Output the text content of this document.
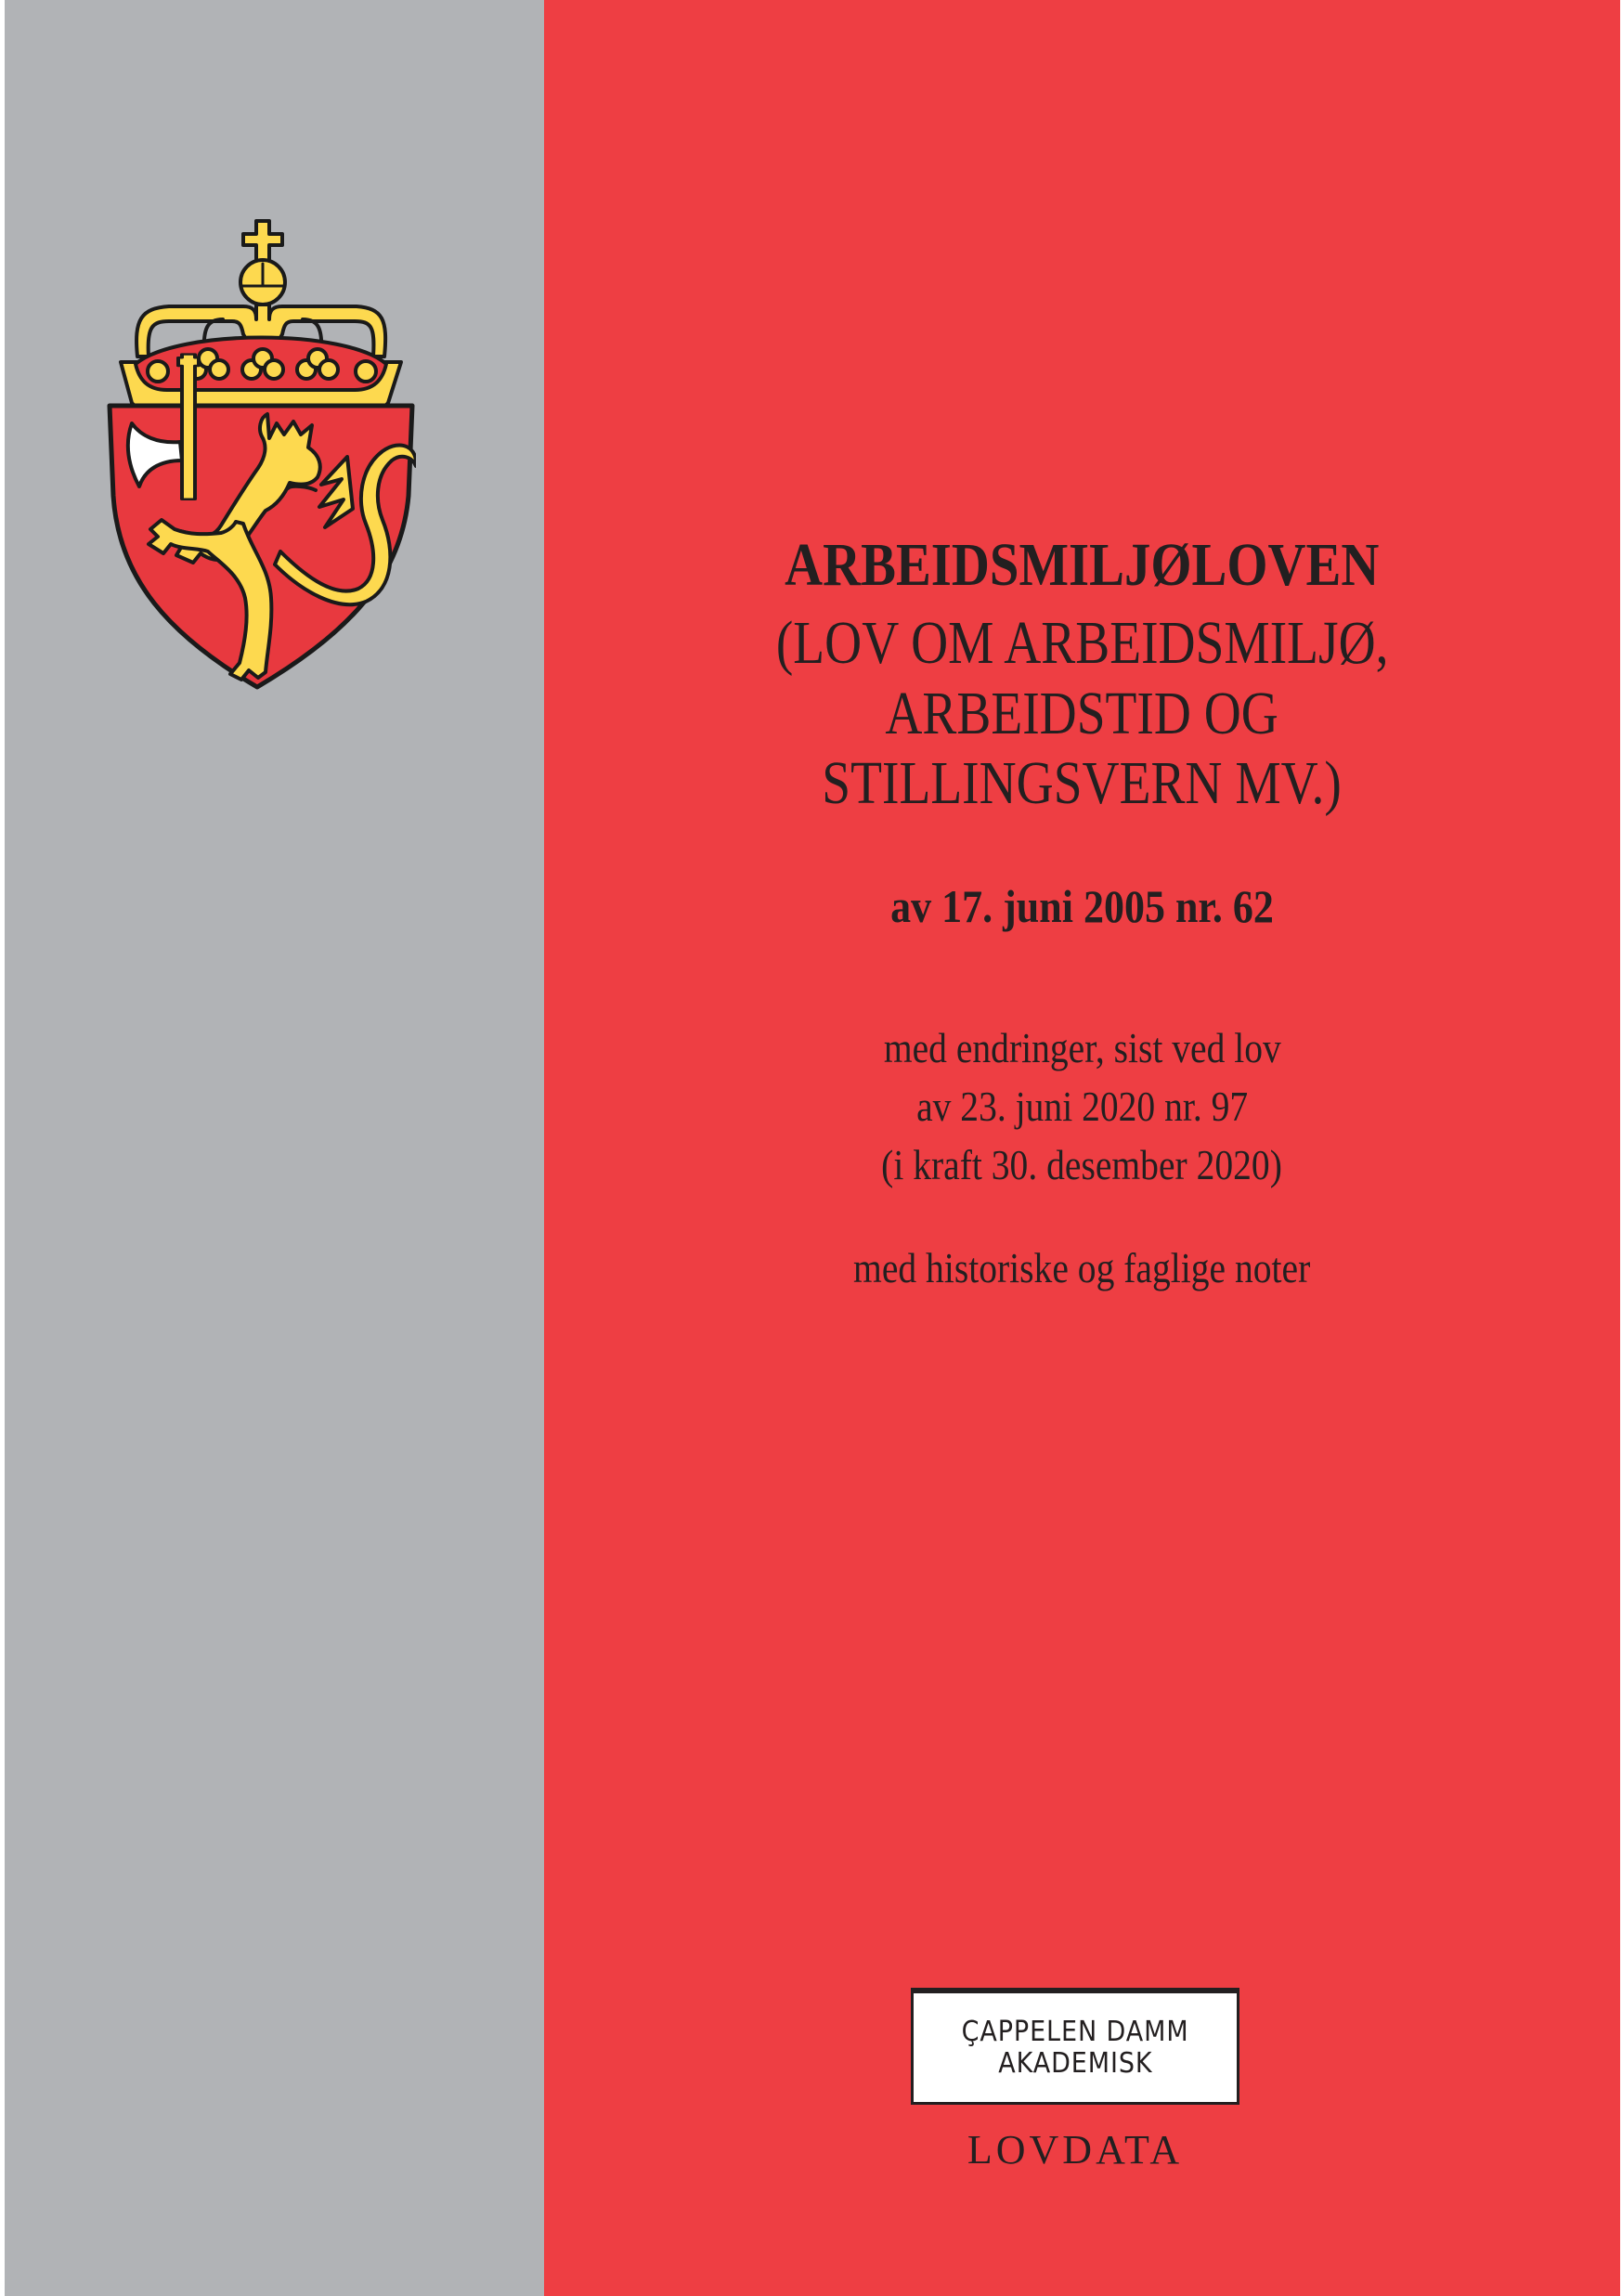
ARBEIDSMILJØLOVEN
(LOV OM ARBEIDSMILJØ,
ARBEIDSTID OG
STILLINGSVERN MV.)
av 17. juni 2005 nr. 62
med endringer, sist ved lov
av 23. juni 2020 nr. 97
(i kraft 30. desember 2020)
med historiske og faglige noter
ÇAPPELEN DAMM
AKADEMISK
LOVDATA
